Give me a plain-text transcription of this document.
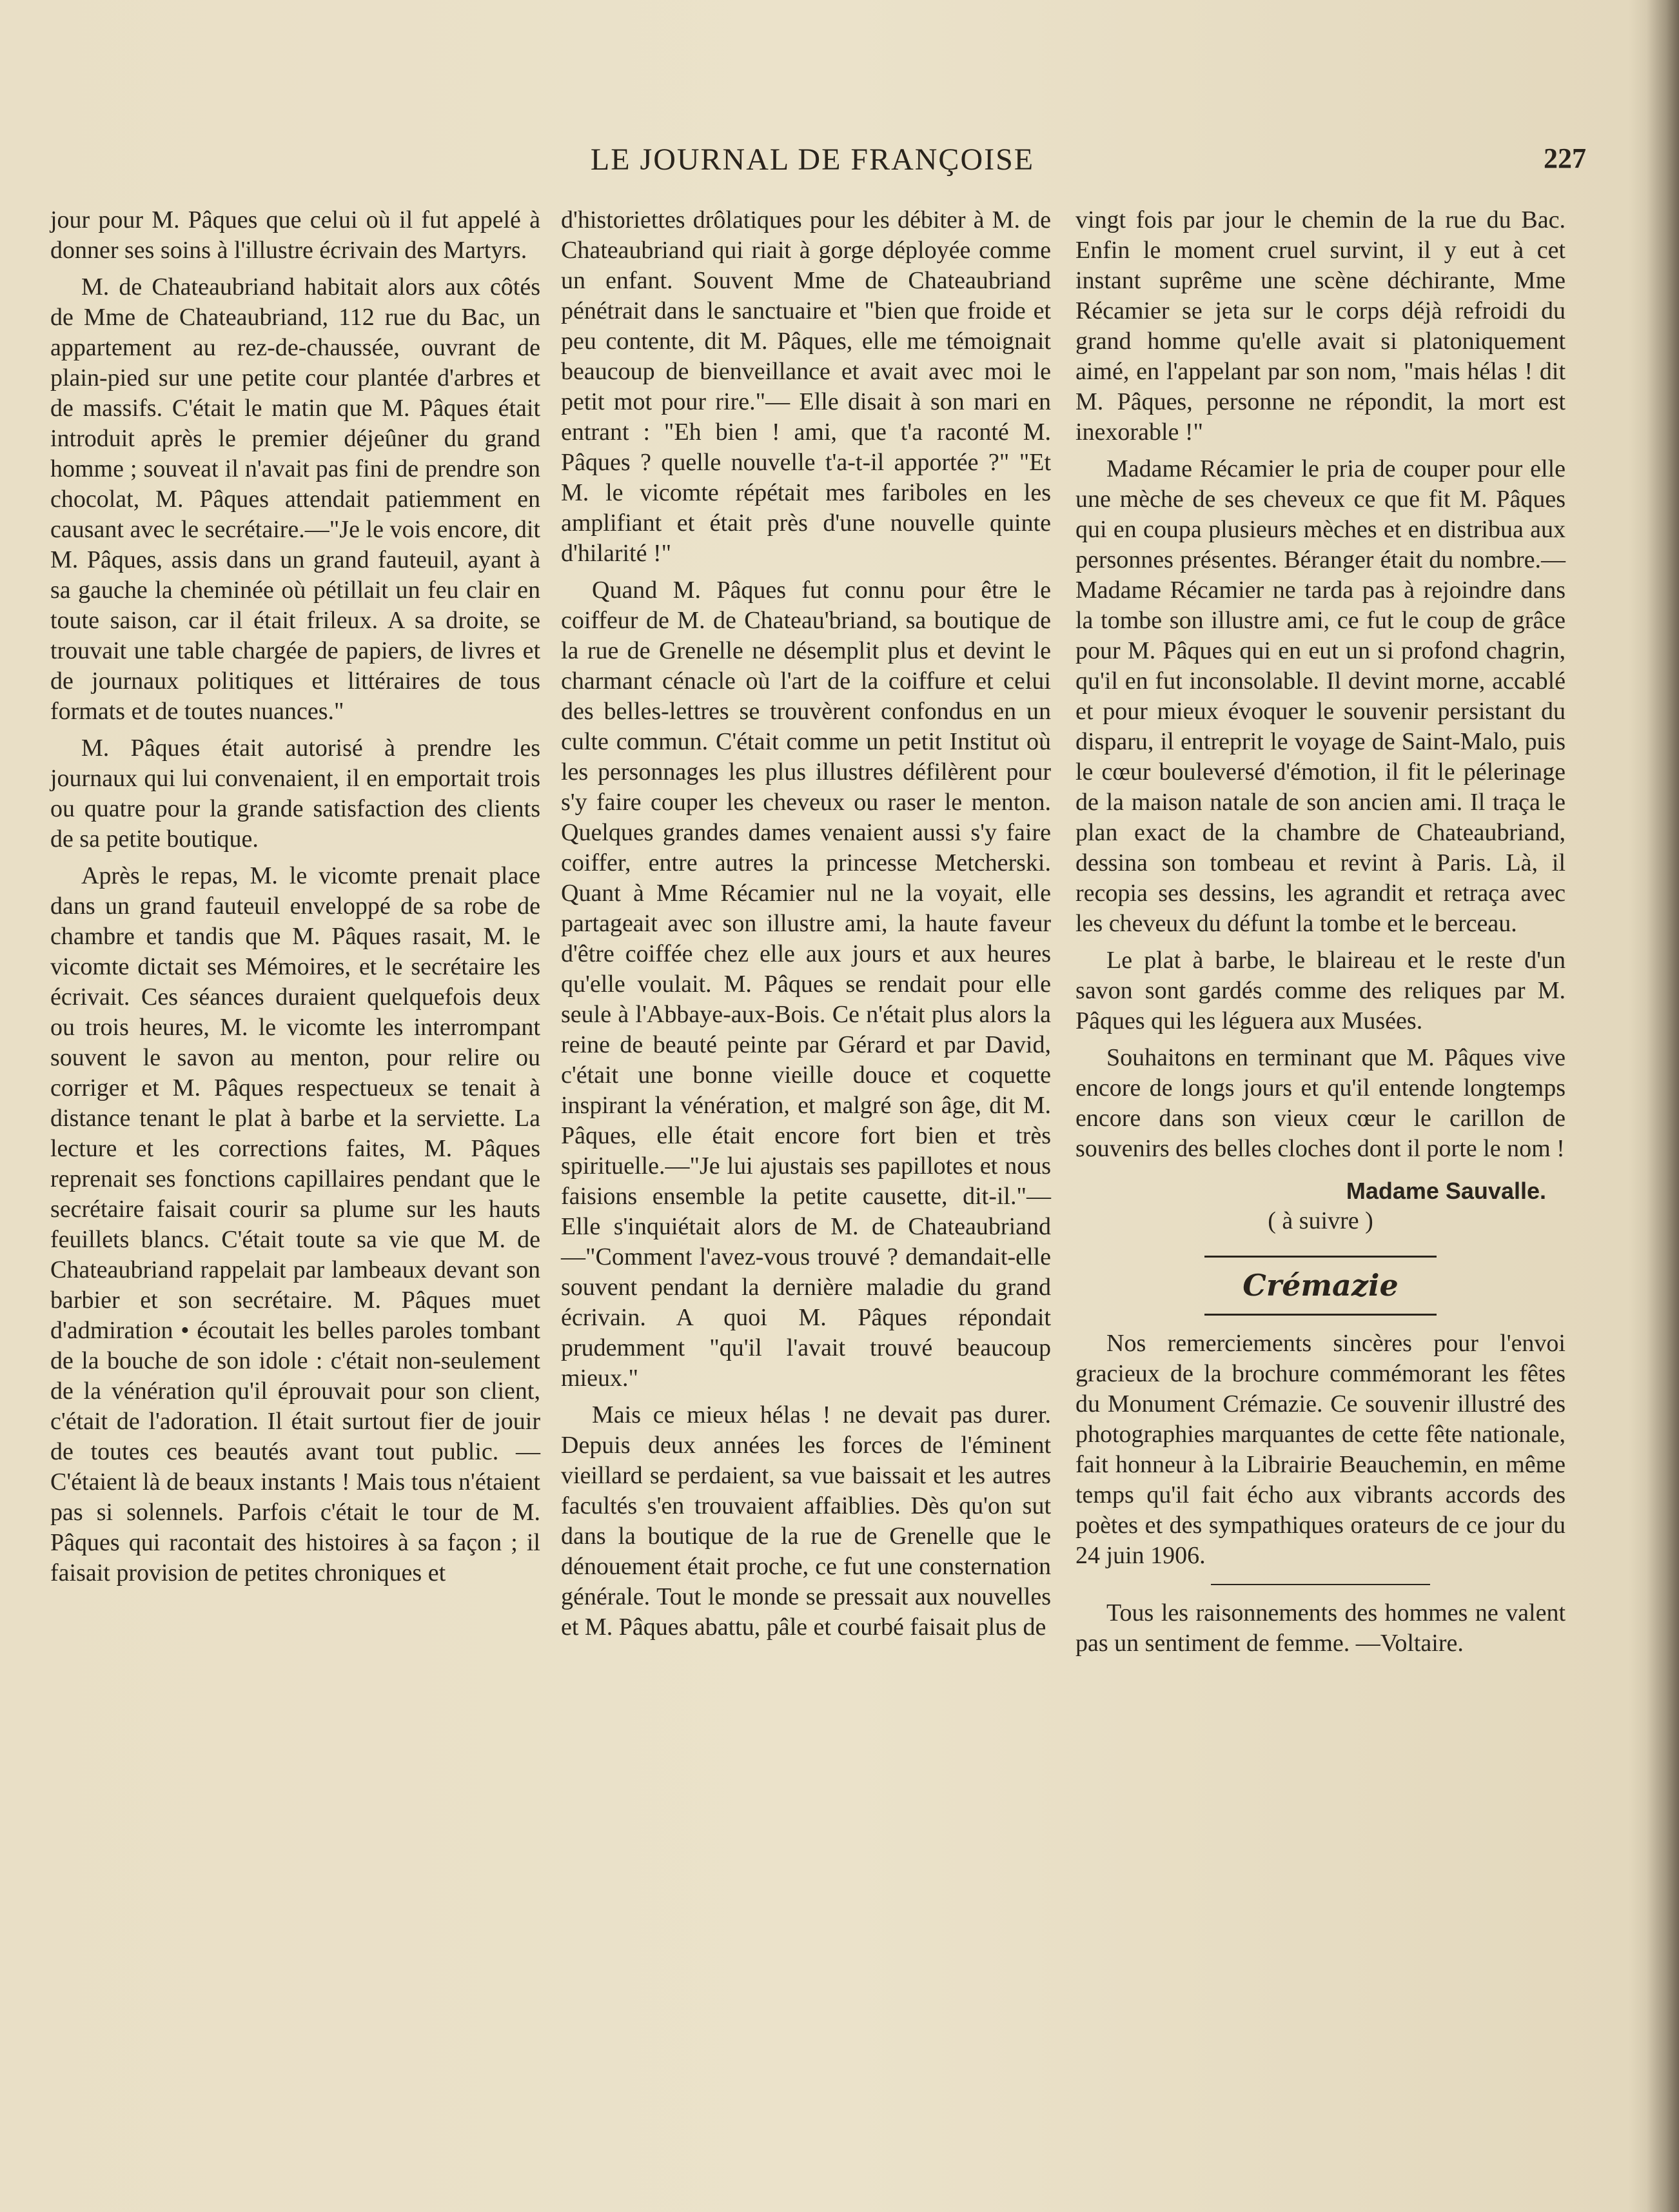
LE JOURNAL DE FRANÇOISE	227

jour pour M. Pâques que celui où il fut appelé à donner ses soins à l'illustre écrivain des Martyrs.

M. de Chateaubriand habitait alors aux côtés de Mme de Chateaubriand, 112 rue du Bac, un appartement au rez-de-chaussée, ouvrant de plain-pied sur une petite cour plantée d'arbres et de massifs. C'était le matin que M. Pâques était introduit après le premier déjeûner du grand homme ; souveat il n'avait pas fini de prendre son chocolat, M. Pâques attendait patiemment en causant avec le secrétaire.—"Je le vois encore, dit M. Pâques, assis dans un grand fauteuil, ayant à sa gauche la cheminée où pétillait un feu clair en toute saison, car il était frileux. A sa droite, se trouvait une table chargée de papiers, de livres et de journaux politiques et littéraires de tous formats et de toutes nuances."

M. Pâques était autorisé à prendre les journaux qui lui convenaient, il en emportait trois ou quatre pour la grande satisfaction des clients de sa petite boutique.

Après le repas, M. le vicomte prenait place dans un grand fauteuil enveloppé de sa robe de chambre et tandis que M. Pâques rasait, M. le vicomte dictait ses Mémoires, et le secrétaire les écrivait. Ces séances duraient quelquefois deux ou trois heures, M. le vicomte les interrompant souvent le savon au menton, pour relire ou corriger et M. Pâques respectueux se tenait à distance tenant le plat à barbe et la serviette. La lecture et les corrections faites, M. Pâques reprenait ses fonctions capillaires pendant que le secrétaire faisait courir sa plume sur les hauts feuillets blancs. C'était toute sa vie que M. de Chateaubriand rappelait par lambeaux devant son barbier et son secrétaire. M. Pâques muet d'admiration • écoutait les belles paroles tombant de la bouche de son idole : c'était non-seulement de la vénération qu'il éprouvait pour son client, c'était de l'adoration. Il était surtout fier de jouir de toutes ces beautés avant tout public. — C'étaient là de beaux instants ! Mais tous n'étaient pas si solennels. Parfois c'était le tour de M. Pâques qui racontait des histoires à sa façon ; il faisait provision de petites chroniques et

d'historiettes drôlatiques pour les débiter à M. de Chateaubriand qui riait à gorge déployée comme un enfant. Souvent Mme de Chateaubriand pénétrait dans le sanctuaire et "bien que froide et peu contente, dit M. Pâques, elle me témoignait beaucoup de bienveillance et avait avec moi le petit mot pour rire."— Elle disait à son mari en entrant : "Eh bien ! ami, que t'a raconté M. Pâques ? quelle nouvelle t'a-t-il apportée ?" "Et M. le vicomte répétait mes fariboles en les amplifiant et était près d'une nouvelle quinte d'hilarité !"

Quand M. Pâques fut connu pour être le coiffeur de M. de Chateau'briand, sa boutique de la rue de Grenelle ne désemplit plus et devint le charmant cénacle où l'art de la coiffure et celui des belles-lettres se trouvèrent confondus en un culte commun. C'était comme un petit Institut où les personnages les plus illustres défilèrent pour s'y faire couper les cheveux ou raser le menton. Quelques grandes dames venaient aussi s'y faire coiffer, entre autres la princesse Metcherski. Quant à Mme Récamier nul ne la voyait, elle partageait avec son illustre ami, la haute faveur d'être coiffée chez elle aux jours et aux heures qu'elle voulait. M. Pâques se rendait pour elle seule à l'Abbaye-aux-Bois. Ce n'était plus alors la reine de beauté peinte par Gérard et par David, c'était une bonne vieille douce et coquette inspirant la vénération, et malgré son âge, dit M. Pâques, elle était encore fort bien et très spirituelle.—"Je lui ajustais ses papillotes et nous faisions ensemble la petite causette, dit-il."— Elle s'inquiétait alors de M. de Chateaubriand—"Comment l'avez-vous trouvé ? demandait-elle souvent pendant la dernière maladie du grand écrivain. A quoi M. Pâques répondait prudemment "qu'il l'avait trouvé beaucoup mieux."

Mais ce mieux hélas ! ne devait pas durer. Depuis deux années les forces de l'éminent vieillard se perdaient, sa vue baissait et les autres facultés s'en trouvaient affaiblies. Dès qu'on sut dans la boutique de la rue de Grenelle que le dénouement était proche, ce fut une consternation générale. Tout le monde se pressait aux nouvelles et M. Pâques abattu, pâle et courbé faisait plus de

vingt fois par jour le chemin de la rue du Bac. Enfin le moment cruel survint, il y eut à cet instant suprême une scène déchirante, Mme Récamier se jeta sur le corps déjà refroidi du grand homme qu'elle avait si platoniquement aimé, en l'appelant par son nom, "mais hélas ! dit M. Pâques, personne ne répondit, la mort est inexorable !"

Madame Récamier le pria de couper pour elle une mèche de ses cheveux ce que fit M. Pâques qui en coupa plusieurs mèches et en distribua aux personnes présentes. Béranger était du nombre.—Madame Récamier ne tarda pas à rejoindre dans la tombe son illustre ami, ce fut le coup de grâce pour M. Pâques qui en eut un si profond chagrin, qu'il en fut inconsolable. Il devint morne, accablé et pour mieux évoquer le souvenir persistant du disparu, il entreprit le voyage de Saint-Malo, puis le cœur bouleversé d'émotion, il fit le pélerinage de la maison natale de son ancien ami. Il traça le plan exact de la chambre de Chateaubriand, dessina son tombeau et revint à Paris. Là, il recopia ses dessins, les agrandit et retraça avec les cheveux du défunt la tombe et le berceau.

Le plat à barbe, le blaireau et le reste d'un savon sont gardés comme des reliques par M. Pâques qui les léguera aux Musées.

Souhaitons en terminant que M. Pâques vive encore de longs jours et qu'il entende longtemps encore dans son vieux cœur le carillon de souvenirs des belles cloches dont il porte le nom !

Madame Sauvalle.
( à suivre )
Crémazie

Nos remerciements sincères pour l'envoi gracieux de la brochure commémorant les fêtes du Monument Crémazie. Ce souvenir illustré des photographies marquantes de cette fête nationale, fait honneur à la Librairie Beauchemin, en même temps qu'il fait écho aux vibrants accords des poètes et des sympathiques orateurs de ce jour du 24 juin 1906.

Tous les raisonnements des hommes ne valent pas un sentiment de femme. —Voltaire.
